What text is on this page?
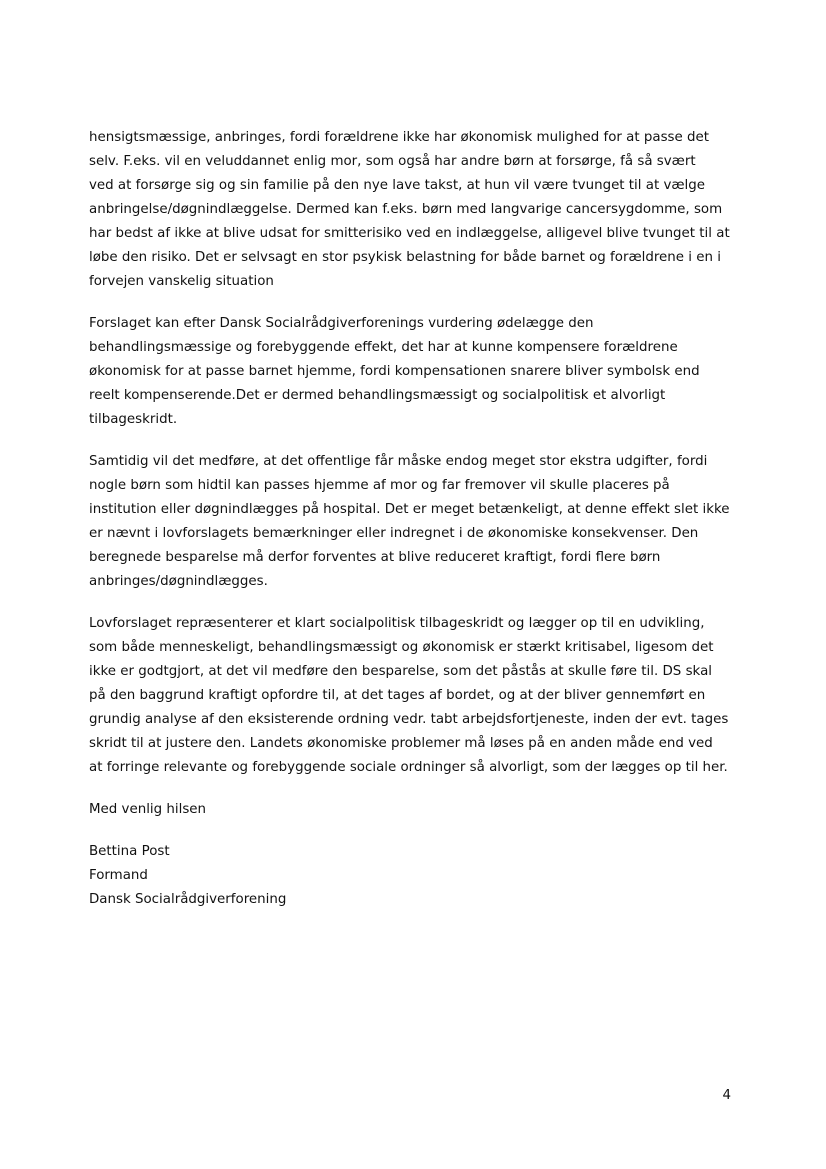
hensigtsmæssige, anbringes, fordi forældrene ikke har økonomisk mulighed for at passe det
selv. F.eks. vil en veluddannet enlig mor, som også har andre børn at forsørge, få så svært
ved at forsørge sig og sin familie på den nye lave takst, at hun vil være tvunget til at vælge
anbringelse/døgnindlæggelse. Dermed kan f.eks. børn med langvarige cancersygdomme, som
har bedst af ikke at blive udsat for smitterisiko ved en indlæggelse, alligevel blive tvunget til at
løbe den risiko. Det er selvsagt en stor psykisk belastning for både barnet og forældrene i en i
forvejen vanskelig situation
Forslaget kan efter Dansk Socialrådgiverforenings vurdering ødelægge den
behandlingsmæssige og forebyggende effekt, det har at kunne kompensere forældrene
økonomisk for at passe barnet hjemme, fordi kompensationen snarere bliver symbolsk end
reelt kompenserende.Det er dermed behandlingsmæssigt og socialpolitisk et alvorligt
tilbageskridt.
Samtidig vil det medføre, at det offentlige får måske endog meget stor ekstra udgifter, fordi
nogle børn som hidtil kan passes hjemme af mor og far fremover vil skulle placeres på
institution eller døgnindlægges på hospital. Det er meget betænkeligt, at denne effekt slet ikke
er nævnt i lovforslagets bemærkninger eller indregnet i de økonomiske konsekvenser. Den
beregnede besparelse må derfor forventes at blive reduceret kraftigt, fordi flere børn
anbringes/døgnindlægges.
Lovforslaget repræsenterer et klart socialpolitisk tilbageskridt og lægger op til en udvikling,
som både menneskeligt, behandlingsmæssigt og økonomisk er stærkt kritisabel, ligesom det
ikke er godtgjort, at det vil medføre den besparelse, som det påstås at skulle føre til. DS skal
på den baggrund kraftigt opfordre til, at det tages af bordet, og at der bliver gennemført en
grundig analyse af den eksisterende ordning vedr. tabt arbejdsfortjeneste, inden der evt. tages
skridt til at justere den. Landets økonomiske problemer må løses på en anden måde end ved
at forringe relevante og forebyggende sociale ordninger så alvorligt, som der lægges op til her.
Med venlig hilsen
Bettina Post
Formand
Dansk Socialrådgiverforening
4
